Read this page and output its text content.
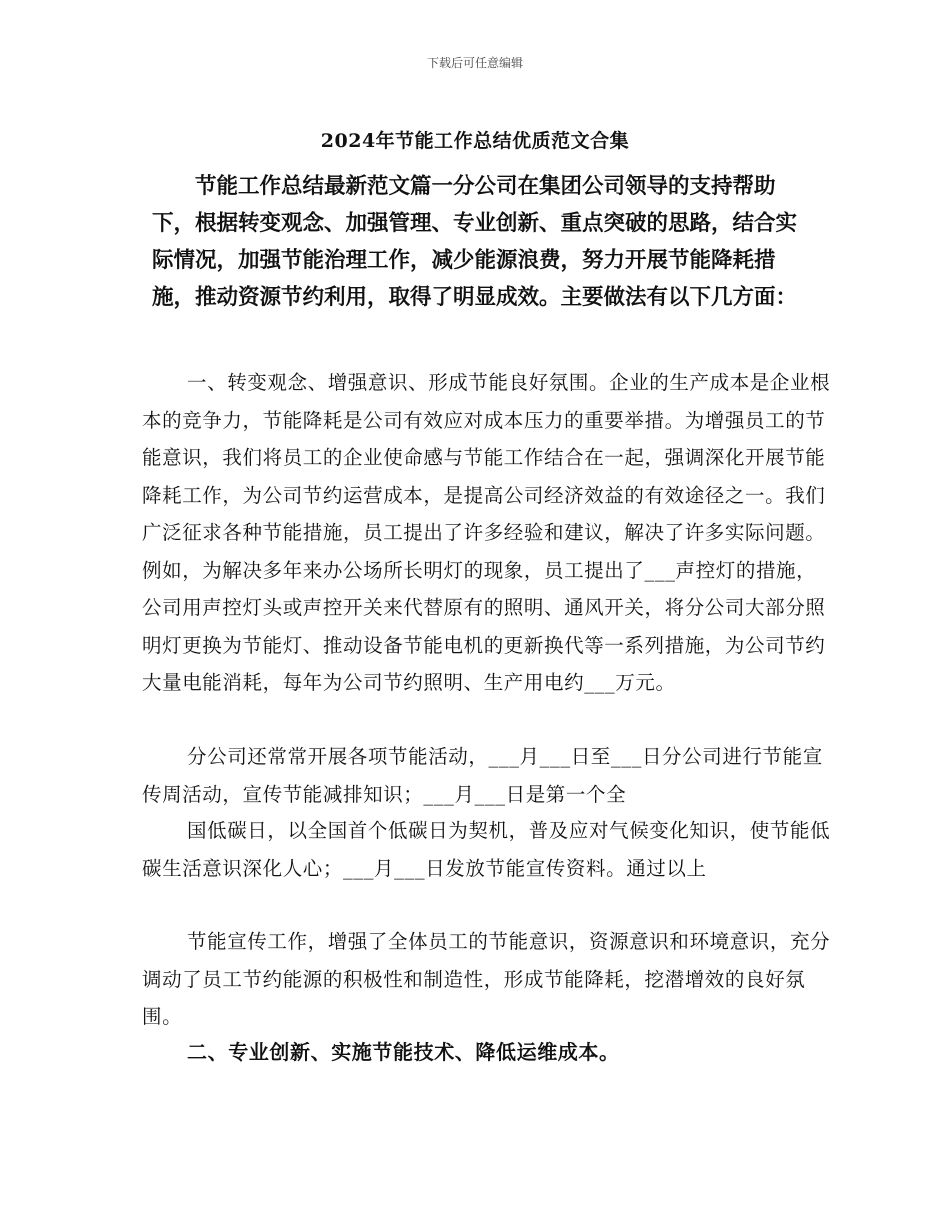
下载后可任意编辑
2024年节能工作总结优质范文合集

节能工作总结最新范文篇一分公司在集团公司领导的支持帮助下，根据转变观念、加强管理、专业创新、重点突破的思路，结合实际情况，加强节能治理工作，减少能源浪费，努力开展节能降耗措施，推动资源节约利用，取得了明显成效。主要做法有以下几方面：

一、转变观念、增强意识、形成节能良好氛围。企业的生产成本是企业根本的竞争力，节能降耗是公司有效应对成本压力的重要举措。为增强员工的节能意识，我们将员工的企业使命感与节能工作结合在一起，强调深化开展节能降耗工作，为公司节约运营成本，是提高公司经济效益的有效途径之一。我们广泛征求各种节能措施，员工提出了许多经验和建议，解决了许多实际问题。例如，为解决多年来办公场所长明灯的现象，员工提出了___声控灯的措施，公司用声控灯头或声控开关来代替原有的照明、通风开关，将分公司大部分照明灯更换为节能灯、推动设备节能电机的更新换代等一系列措施，为公司节约大量电能消耗，每年为公司节约照明、生产用电约___万元。

分公司还常常开展各项节能活动，___月___日至___日分公司进行节能宣传周活动，宣传节能减排知识；___月___日是第一个全

国低碳日，以全国首个低碳日为契机，普及应对气候变化知识，使节能低碳生活意识深化人心；___月___日发放节能宣传资料。通过以上

节能宣传工作，增强了全体员工的节能意识，资源意识和环境意识，充分调动了员工节约能源的积极性和制造性，形成节能降耗，挖潜增效的良好氛围。

二、专业创新、实施节能技术、降低运维成本。
